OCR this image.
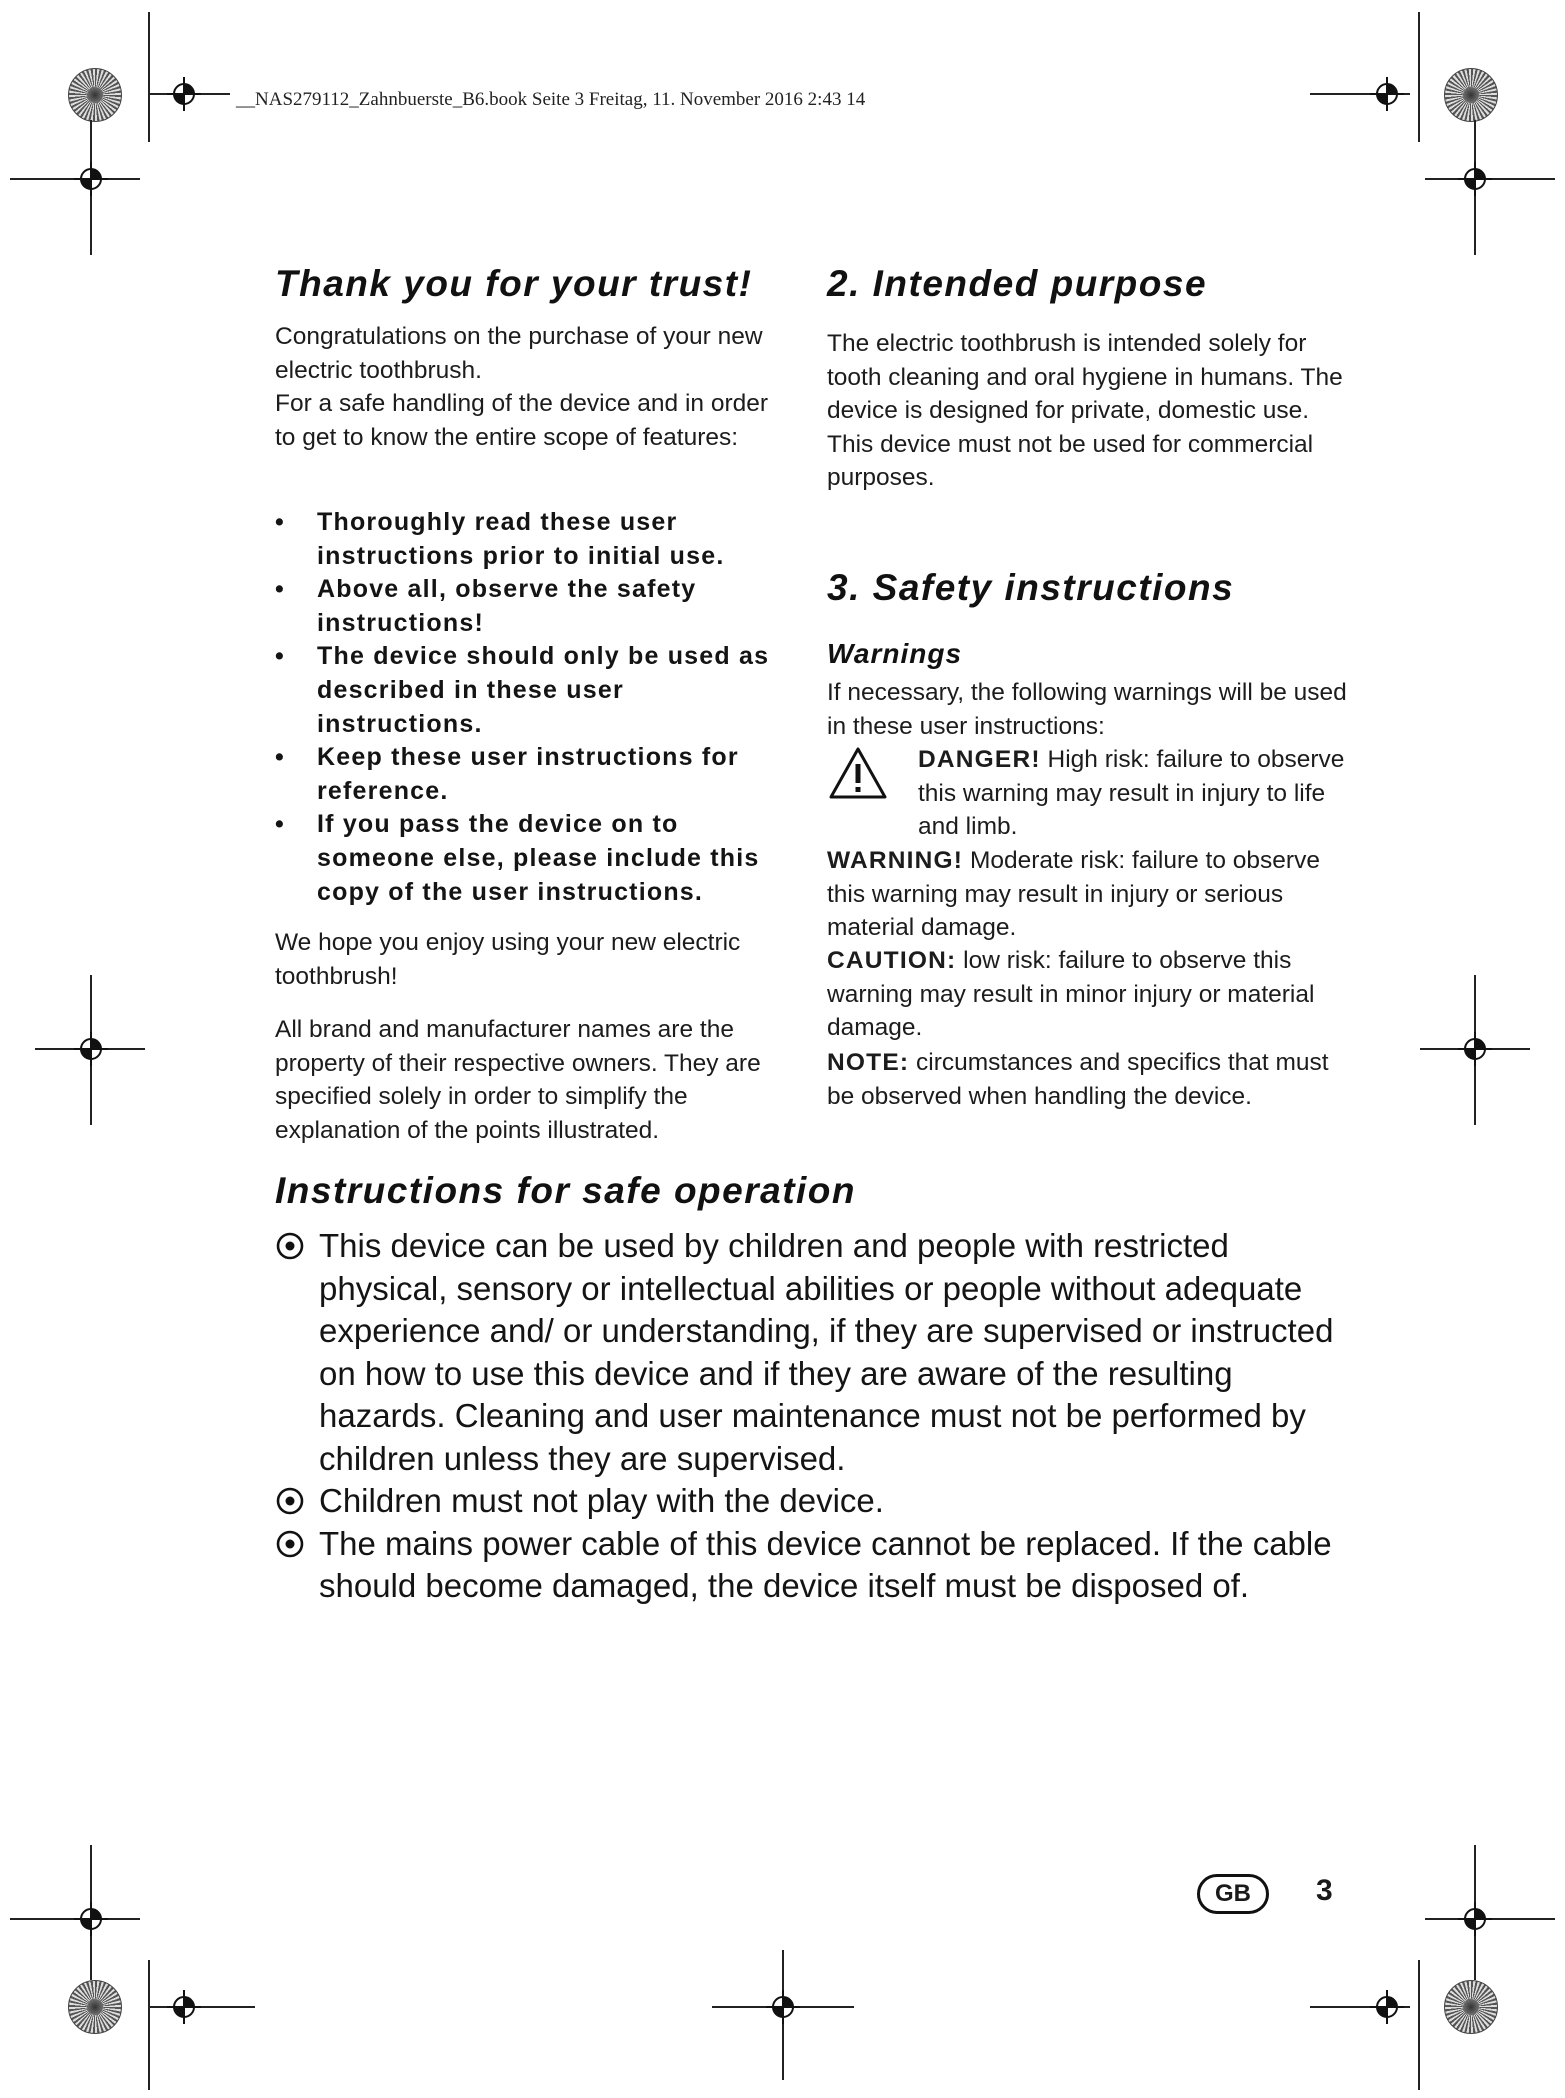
__NAS279112_Zahnbuerste_B6.book Seite 3 Freitag, 11. November 2016 2:43 14
Thank you for your trust!

Congratulations on the purchase of your new electric toothbrush.

For a safe handling of the device and in order to get to know the entire scope of features:

• Thoroughly read these user instructions prior to initial use.
• Above all, observe the safety instructions!
• The device should only be used as described in these user instructions.
• Keep these user instructions for reference.
• If you pass the device on to someone else, please include this copy of the user instructions.
We hope you enjoy using your new electric toothbrush!
All brand and manufacturer names are the property of their respective owners. They are specified solely in order to simplify the explanation of the points illustrated.
2. Intended purpose
The electric toothbrush is intended solely for tooth cleaning and oral hygiene in humans. The device is designed for private, domestic use. This device must not be used for commercial purposes.
3. Safety instructions
Warnings
If necessary, the following warnings will be used in these user instructions:
DANGER! High risk: failure to observe this warning may result in injury to life and limb.
WARNING! Moderate risk: failure to observe this warning may result in injury or serious material damage.
CAUTION: low risk: failure to observe this warning may result in minor injury or material damage.
NOTE: circumstances and specifics that must be observed when handling the device.
Instructions for safe operation
This device can be used by children and people with restricted physical, sensory or intellectual abilities or people without adequate experience and/ or understanding, if they are supervised or instructed on how to use this device and if they are aware of the resulting hazards. Cleaning and user maintenance must not be performed by children unless they are supervised.
Children must not play with the device.
The mains power cable of this device cannot be replaced. If the cable should become damaged, the device itself must be disposed of.
GB	3
